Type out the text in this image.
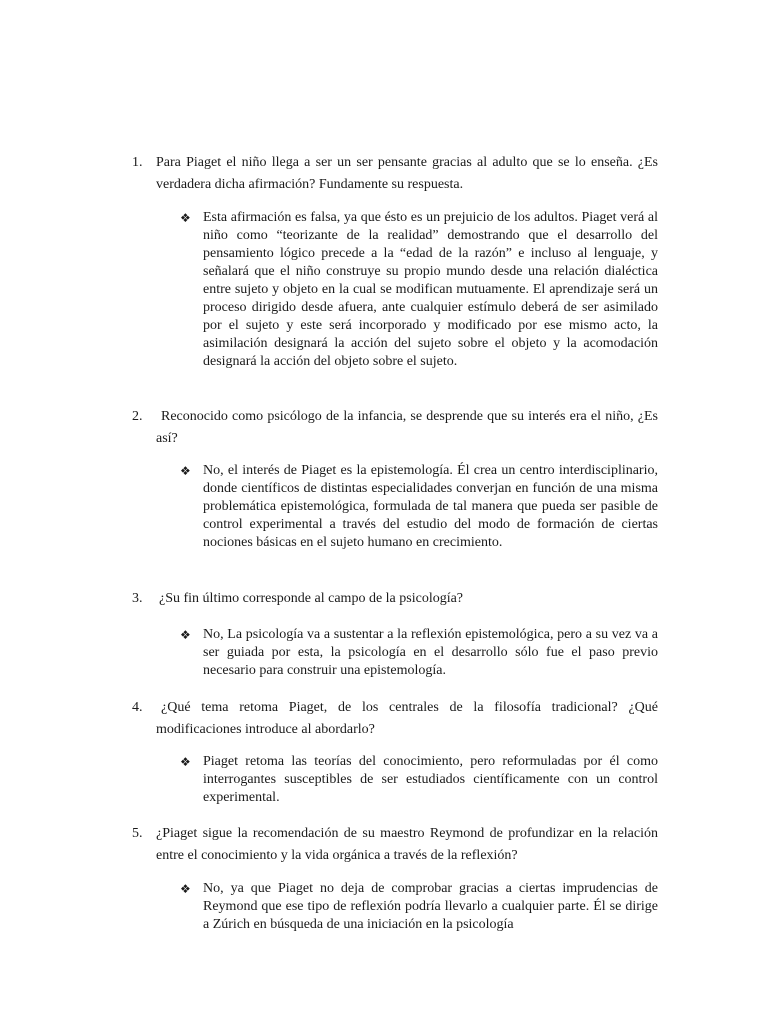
1. Para Piaget el niño llega a ser un ser pensante gracias al adulto que se lo enseña. ¿Es verdadera dicha afirmación? Fundamente su respuesta.
❖ Esta afirmación es falsa, ya que ésto es un prejuicio de los adultos. Piaget verá al niño como “teorizante de la realidad” demostrando que el desarrollo del pensamiento lógico precede a la “edad de la razón” e incluso al lenguaje, y señalará que el niño construye su propio mundo desde una relación dialéctica entre sujeto y objeto en la cual se modifican mutuamente. El aprendizaje será un proceso dirigido desde afuera, ante cualquier estímulo deberá de ser asimilado por el sujeto y este será incorporado y modificado por ese mismo acto, la asimilación designará la acción del sujeto sobre el objeto y la acomodación designará la acción del objeto sobre el sujeto.
2.	Reconocido como psicólogo de la infancia, se desprende que su interés era el niño, ¿Es así?
❖ No, el interés de Piaget es la epistemología. Él crea un centro interdisciplinario, donde científicos de distintas especialidades converjan en función de una misma problemática epistemológica, formulada de tal manera que pueda ser pasible de control experimental a través del estudio del modo de formación de ciertas nociones básicas en el sujeto humano en crecimiento.
3. ¿Su fin último corresponde al campo de la psicología?
❖ No, La psicología va a sustentar a la reflexión epistemológica, pero a su vez va a ser guiada por esta, la psicología en el desarrollo sólo fue el paso previo necesario para construir una epistemología.
4.	¿Qué tema retoma Piaget, de los centrales de la filosofía tradicional? ¿Qué modificaciones introduce al abordarlo?
❖ Piaget retoma las teorías del conocimiento, pero reformuladas por él como interrogantes susceptibles de ser estudiados científicamente con un control experimental.
5. ¿Piaget sigue la recomendación de su maestro Reymond de profundizar en la relación entre el conocimiento y la vida orgánica a través de la reflexión?
❖ No, ya que Piaget no deja de comprobar gracias a ciertas imprudencias de Reymond que ese tipo de reflexión podría llevarlo a cualquier parte. Él se dirige a Zúrich en búsqueda de una iniciación en la psicología
